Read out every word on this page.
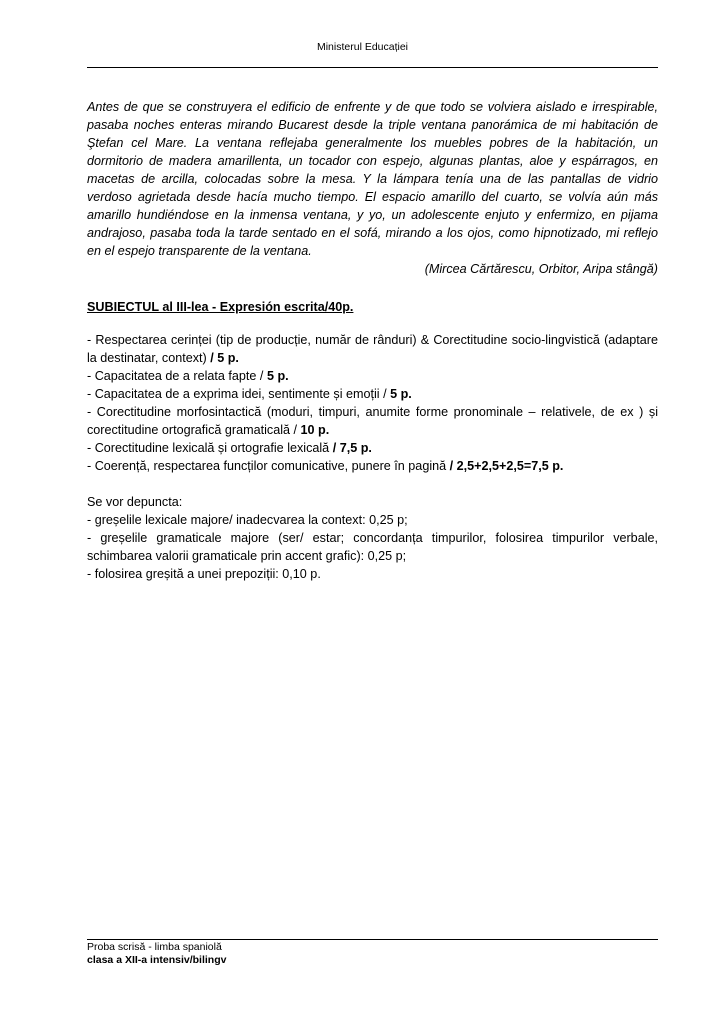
Ministerul Educației

Antes de que se construyera el edificio de enfrente y de que todo se volviera aislado e irrespirable, pasaba noches enteras mirando Bucarest desde la triple ventana panorámica de mi habitación de Ştefan cel Mare. La ventana reflejaba generalmente los muebles pobres de la habitación, un dormitorio de madera amarillenta, un tocador con espejo, algunas plantas, aloe y espárragos, en macetas de arcilla, colocadas sobre la mesa. Y la lámpara tenía una de las pantallas de vidrio verdoso agrietada desde hacía mucho tiempo. El espacio amarillo del cuarto, se volvía aún más amarillo hundiéndose en la inmensa ventana, y yo, un adolescente enjuto y enfermizo, en pijama andrajoso, pasaba toda la tarde sentado en el sofá, mirando a los ojos, como hipnotizado, mi reflejo en el espejo transparente de la ventana.

(Mircea Cărtărescu, Orbitor, Aripa stângă)

SUBIECTUL al III-lea - Expresión escrita/40p.

- Respectarea cerinței (tip de producție, număr de rânduri) & Corectitudine socio-lingvistică (adaptare la destinatar, context) / 5 p.

- Capacitatea de a relata fapte / 5 p.

- Capacitatea de a exprima idei, sentimente și emoții / 5 p.

- Corectitudine morfosintactică (moduri, timpuri, anumite forme pronominale – relativele, de ex ) și corectitudine ortografică gramaticală / 10 p.

- Corectitudine lexicală și ortografie lexicală / 7,5 p.

- Coerență, respectarea funcților comunicative, punere în pagină / 2,5+2,5+2,5=7,5 p.

Se vor depuncta:

- greșelile lexicale majore/ inadecvarea la context: 0,25 p;

- greșelile gramaticale majore (ser/ estar; concordanța timpurilor, folosirea timpurilor verbale, schimbarea valorii gramaticale prin accent grafic): 0,25 p;

- folosirea greșită a unei prepoziții: 0,10 p.

Proba scrisă - limba spaniolă
clasa a XII-a intensiv/bilingv
